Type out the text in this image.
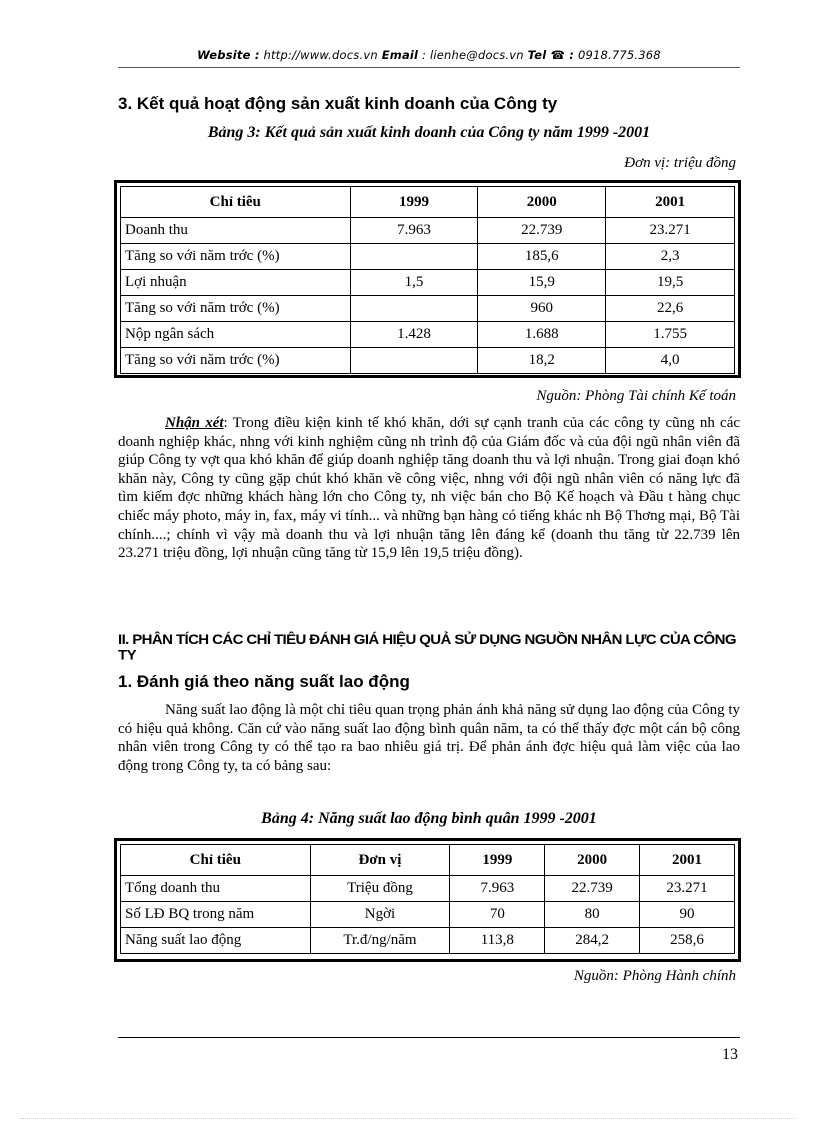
Website : http://www.docs.vn Email : lienhe@docs.vn Tel ☎ : 0918.775.368
3. Kết quả hoạt động sản xuất kinh doanh của Công ty
Bảng 3: Kết quả sản xuất kinh doanh của Công ty năm 1999 -2001
Đơn vị: triệu đồng
Chỉ tiêu	1999	2000	2001
Doanh thu	7.963	22.739	23.271
Tăng so với năm trớc (%)		185,6	2,3
Lợi nhuận	1,5	15,9	19,5
Tăng so với năm trớc (%)		960	22,6
Nộp ngân sách	1.428	1.688	1.755
Tăng so với năm trớc (%)		18,2	4,0
Nguồn: Phòng Tài chính Kế toán
Nhận xét: Trong điều kiện kinh tế khó khăn, dới sự cạnh tranh của các công ty cũng nh các doanh nghiệp khác, nhng với kinh nghiệm cũng nh trình độ của Giám đốc và của đội ngũ nhân viên đã giúp Công ty vợt qua khó khăn để giúp doanh nghiệp tăng doanh thu và lợi nhuận. Trong giai đoạn khó khăn này, Công ty cũng gặp chút khó khăn về công việc, nhng với đội ngũ nhân viên có năng lực đã tìm kiếm đợc những khách hàng lớn cho Công ty, nh việc bán cho Bộ Kế hoạch và Đầu t hàng chục chiếc máy photo, máy in, fax, máy vi tính... và những bạn hàng có tiếng khác nh Bộ Thơng mại, Bộ Tài chính....; chính vì vậy mà doanh thu và lợi nhuận tăng lên đáng kể (doanh thu tăng từ 22.739 lên 23.271 triệu đồng, lợi nhuận cũng tăng từ 15,9 lên 19,5 triệu đồng).
II. PHÂN TÍCH CÁC CHỈ TIÊU ĐÁNH GIÁ HIỆU QUẢ SỬ DỤNG NGUỒN NHÂN LỰC CỦA CÔNG TY
1. Đánh giá theo năng suất lao động
Năng suất lao động là một chỉ tiêu quan trọng phản ánh khả năng sử dụng lao động của Công ty có hiệu quả không. Căn cứ vào năng suất lao động bình quân năm, ta có thể thấy đợc một cán bộ công nhân viên trong Công ty có thể tạo ra bao nhiêu giá trị. Để phản ánh đợc hiệu quả làm việc của lao động trong Công ty, ta có bảng sau:
Bảng 4: Năng suất lao động bình quân 1999 -2001
Chỉ tiêu	Đơn vị	1999	2000	2001
Tổng doanh thu	Triệu đồng	7.963	22.739	23.271
Số LĐ BQ trong năm	Ngời	70	80	90
Năng suất lao động	Tr.đ/ng/năm	113,8	284,2	258,6
Nguồn: Phòng Hành chính
13
